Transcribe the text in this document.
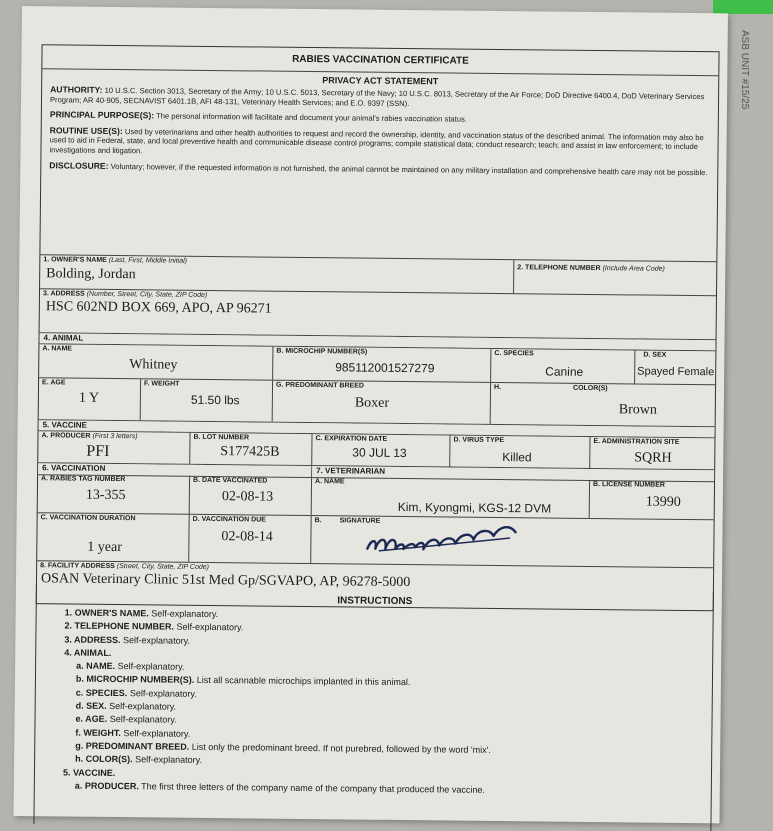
ASB UNIT #15/25
RABIES VACCINATION CERTIFICATE
PRIVACY ACT STATEMENT

AUTHORITY: 10 U.S.C. Section 3013, Secretary of the Army; 10 U.S.C. 5013, Secretary of the Navy; 10 U.S.C. 8013, Secretary of the Air Force; DoD Directive 6400.4, DoD Veterinary Services Program; AR 40-905, SECNAVIST 6401.1B, AFI 48-131, Veterinary Health Services; and E.O. 9397 (SSN).

PRINCIPAL PURPOSE(S): The personal information will facilitate and document your animal's rabies vaccination status.

ROUTINE USE(S): Used by veterinarians and other health authorities to request and record the ownership, identity, and vaccination status of the described animal. The information may also be used to aid in Federal, state, and local preventive health and communicable disease control programs; compile statistical data; conduct research; teach; and assist in law enforcement; to include investigations and litigation.

DISCLOSURE: Voluntary; however, if the requested information is not furnished, the animal cannot be maintained on any military installation and comprehensive health care may not be possible.

1. OWNER'S NAME (Last, First, Middle Initial)
Bolding, Jordan	2. TELEPHONE NUMBER (Include Area Code)
3. ADDRESS (Number, Street, City, State, ZIP Code)
HSC 602ND BOX 669, APO, AP 96271
4. ANIMAL
A. NAME
Whitney
B. MICROCHIP NUMBER(S)
985112001527279
C. SPECIES
Canine
D. SEX
Spayed Female
E. AGE
1 Y
F. WEIGHT
51.50 lbs
G. PREDOMINANT BREED
Boxer
H.	COLOR(S)
Brown
5. VACCINE
A. PRODUCER (First 3 letters)
PFI
B. LOT NUMBER
S177425B
C. EXPIRATION DATE
30 JUL 13
D. VIRUS TYPE
Killed
E. ADMINISTRATION SITE
SQRH
6. VACCINATION
A. RABIES TAG NUMBER
13-355
B. DATE VACCINATED
02-08-13
C. VACCINATION DURATION
1 year
D. VACCINATION DUE
02-08-14
7. VETERINARIAN
A. NAME
Kim, Kyongmi, KGS-12 DVM
B. LICENSE NUMBER
13990
B.	SIGNATURE
8. FACILITY ADDRESS (Street, City, State, ZIP Code)
OSAN Veterinary Clinic 51st Med Gp/SGVAPO, AP, 96278-5000
INSTRUCTIONS
1. OWNER'S NAME. Self-explanatory.
2. TELEPHONE NUMBER. Self-explanatory.
3. ADDRESS. Self-explanatory.
4. ANIMAL.
a. NAME. Self-explanatory.
b. MICROCHIP NUMBER(S). List all scannable microchips implanted in this animal.
c. SPECIES. Self-explanatory.
d. SEX. Self-explanatory.
e. AGE. Self-explanatory.
f. WEIGHT. Self-explanatory.
g. PREDOMINANT BREED. List only the predominant breed. If not purebred, followed by the word 'mix'.
h. COLOR(S). Self-explanatory.
5. VACCINE.
a. PRODUCER. The first three letters of the company name of the company that produced the vaccine.
